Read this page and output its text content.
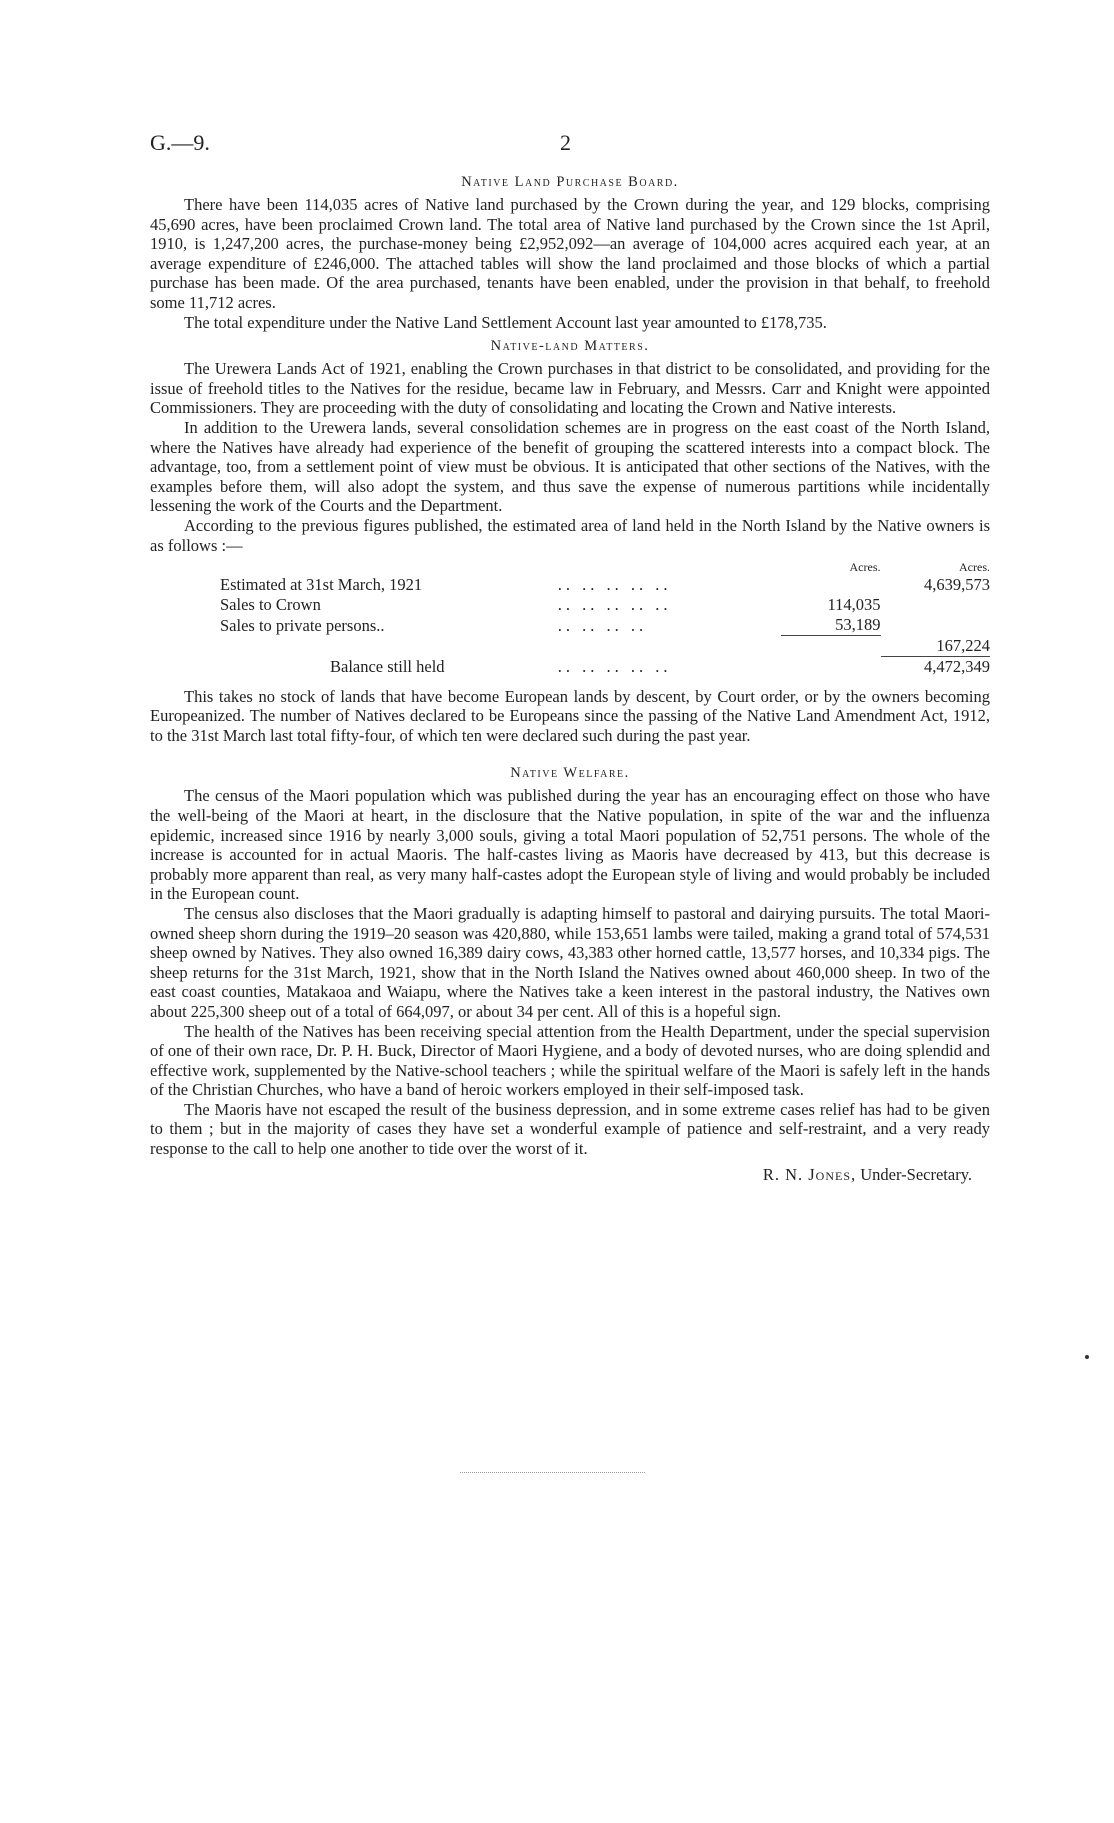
G.—9.	2
Native Land Purchase Board.

There have been 114,035 acres of Native land purchased by the Crown during the year, and 129 blocks, comprising 45,690 acres, have been proclaimed Crown land. The total area of Native land purchased by the Crown since the 1st April, 1910, is 1,247,200 acres, the purchase-money being £2,952,092—an average of 104,000 acres acquired each year, at an average expenditure of £246,000. The attached tables will show the land proclaimed and those blocks of which a partial purchase has been made. Of the area purchased, tenants have been enabled, under the provision in that behalf, to freehold some 11,712 acres.

The total expenditure under the Native Land Settlement Account last year amounted to £178,735.

Native-land Matters.

The Urewera Lands Act of 1921, enabling the Crown purchases in that district to be consolidated, and providing for the issue of freehold titles to the Natives for the residue, became law in February, and Messrs. Carr and Knight were appointed Commissioners. They are proceeding with the duty of consolidating and locating the Crown and Native interests.

In addition to the Urewera lands, several consolidation schemes are in progress on the east coast of the North Island, where the Natives have already had experience of the benefit of grouping the scattered interests into a compact block. The advantage, too, from a settlement point of view must be obvious. It is anticipated that other sections of the Natives, with the examples before them, will also adopt the system, and thus save the expense of numerous partitions while incidentally lessening the work of the Courts and the Department.

According to the previous figures published, the estimated area of land held in the North Island by the Native owners is as follows :—

		Acres.	Acres.
Estimated at 31st March, 1921	.. .. .. .. ..		4,639,573
Sales to Crown	.. .. .. .. ..	114,035	
Sales to private persons..	.. .. .. ..	53,189	
			167,224
Balance still held	.. .. .. .. ..		4,472,349

This takes no stock of lands that have become European lands by descent, by Court order, or by the owners becoming Europeanized. The number of Natives declared to be Europeans since the passing of the Native Land Amendment Act, 1912, to the 31st March last total fifty-four, of which ten were declared such during the past year.

Native Welfare.

The census of the Maori population which was published during the year has an encouraging effect on those who have the well-being of the Maori at heart, in the disclosure that the Native population, in spite of the war and the influenza epidemic, increased since 1916 by nearly 3,000 souls, giving a total Maori population of 52,751 persons. The whole of the increase is accounted for in actual Maoris. The half-castes living as Maoris have decreased by 413, but this decrease is probably more apparent than real, as very many half-castes adopt the European style of living and would probably be included in the European count.

The census also discloses that the Maori gradually is adapting himself to pastoral and dairying pursuits. The total Maori-owned sheep shorn during the 1919–20 season was 420,880, while 153,651 lambs were tailed, making a grand total of 574,531 sheep owned by Natives. They also owned 16,389 dairy cows, 43,383 other horned cattle, 13,577 horses, and 10,334 pigs. The sheep returns for the 31st March, 1921, show that in the North Island the Natives owned about 460,000 sheep. In two of the east coast counties, Matakaoa and Waiapu, where the Natives take a keen interest in the pastoral industry, the Natives own about 225,300 sheep out of a total of 664,097, or about 34 per cent. All of this is a hopeful sign.

The health of the Natives has been receiving special attention from the Health Department, under the special supervision of one of their own race, Dr. P. H. Buck, Director of Maori Hygiene, and a body of devoted nurses, who are doing splendid and effective work, supplemented by the Native-school teachers ; while the spiritual welfare of the Maori is safely left in the hands of the Christian Churches, who have a band of heroic workers employed in their self-imposed task.

The Maoris have not escaped the result of the business depression, and in some extreme cases relief has had to be given to them ; but in the majority of cases they have set a wonderful example of patience and self-restraint, and a very ready response to the call to help one another to tide over the worst of it.

R. N. Jones, Under-Secretary.
